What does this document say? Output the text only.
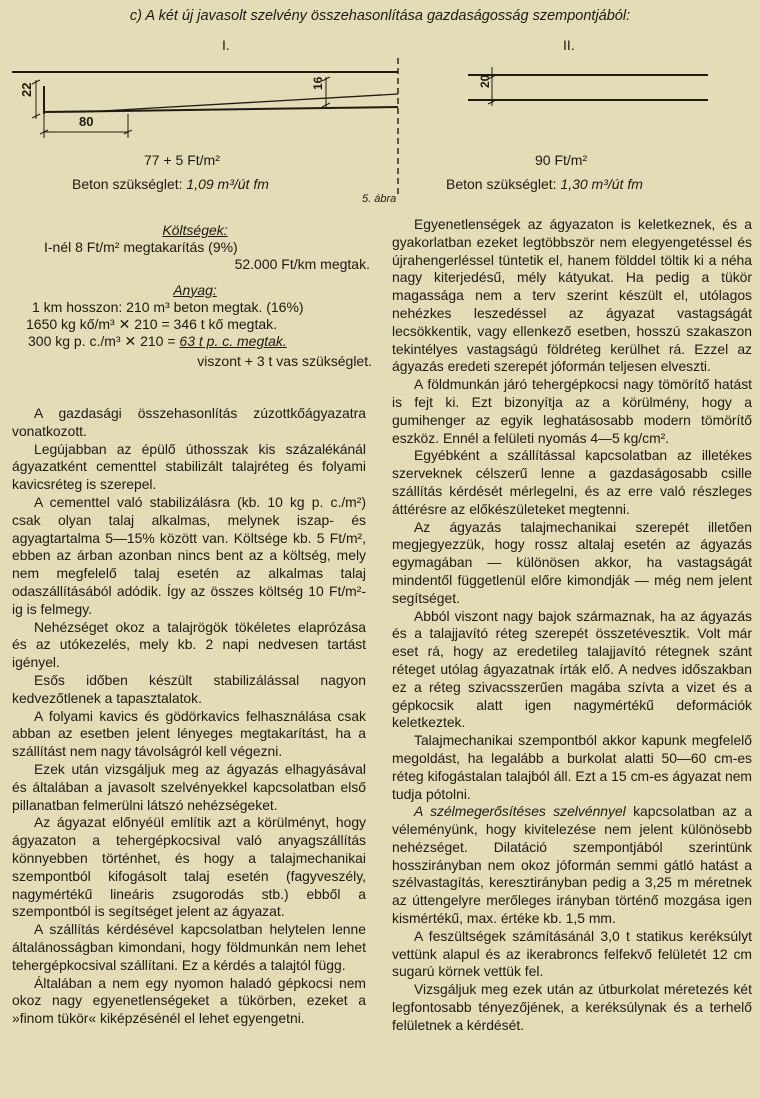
c) A két új javasolt szelvény összehasonlítása gazdaságosság szempontjából:
I.	II.
22	16
80
20
77 + 5 Ft/m²	90 Ft/m²
Beton szükséglet: 1,09 m³/út fm	Beton szükséglet: 1,30 m³/út fm
5. ábra
Költségek:
I-nél 8 Ft/m² megtakarítás (9%)
52.000 Ft/km megtak.
Anyag:
1 km hosszon: 210 m³ beton megtak. (16%)
1650 kg kő/m³ ✕ 210 = 346 t kő megtak.
300 kg p. c./m³ ✕ 210 = 63 t p. c. megtak.
viszont + 3 t vas szükséglet.

A gazdasági összehasonlítás zúzottkőágyazatra vonatkozott.

Legújabban az épülő úthosszak kis százalékánál ágyazatként cementtel stabilizált talajréteg és folyami kavicsréteg is szerepel.

A cementtel való stabilizálásra (kb. 10 kg p. c./m²) csak olyan talaj alkalmas, melynek iszap- és agyagtartalma 5—15% között van. Költsége kb. 5 Ft/m², ebben az árban azonban nincs bent az a költség, mely nem megfelelő talaj esetén az alkalmas talaj odaszállításából adódik. Így az összes költség 10 Ft/m²-ig is felmegy.

Nehézséget okoz a talajrögök tökéletes elaprózása és az utókezelés, mely kb. 2 napi nedvesen tartást igényel.

Esős időben készült stabilizálással nagyon kedvezőtlenek a tapasztalatok.

A folyami kavics és gödörkavics felhasználása csak abban az esetben jelent lényeges megtakarítást, ha a szállítást nem nagy távolságról kell végezni.

Ezek után vizsgáljuk meg az ágyazás elhagyásával és általában a javasolt szelvényekkel kapcsolatban első pillanatban felmerülni látszó nehézségeket.

Az ágyazat előnyéül említik azt a körülményt, hogy ágyazaton a tehergépkocsival való anyagszállítás könnyebben történhet, és hogy a talajmechanikai szempontból kifogásolt talaj esetén (fagyveszély, nagymértékű lineáris zsugorodás stb.) ebből a szempontból is segítséget jelent az ágyazat.

A szállítás kérdésével kapcsolatban helytelen lenne általánosságban kimondani, hogy földmunkán nem lehet tehergépkocsival szállítani. Ez a kérdés a talajtól függ.

Általában a nem egy nyomon haladó gépkocsi nem okoz nagy egyenetlenségeket a tükörben, ezeket a »finom tükör« kiképzésénél el lehet egyengetni.

Egyenetlenségek az ágyazaton is keletkeznek, és a gyakorlatban ezeket legtöbbször nem elegyengetéssel és újrahengerléssel tüntetik el, hanem földdel töltik ki a néha nagy kiterjedésű, mély kátyukat. Ha pedig a tükör magassága nem a terv szerint készült el, utólagos nehézkes leszedéssel az ágyazat vastagságát lecsökkentik, vagy ellenkező esetben, hosszú szakaszon tekintélyes vastagságú földréteg kerülhet rá. Ezzel az ágyazás eredeti szerepét jóformán teljesen elveszti.

A földmunkán járó tehergépkocsi nagy tömörítő hatást is fejt ki. Ezt bizonyítja az a körülmény, hogy a gumihenger az egyik leghatásosabb modern tömörítő eszköz. Ennél a felületi nyomás 4—5 kg/cm².

Egyébként a szállítással kapcsolatban az illetékes szerveknek célszerű lenne a gazdaságosabb csille szállítás kérdését mérlegelni, és az erre való részleges áttérésre az előkészületeket megtenni.

Az ágyazás talajmechanikai szerepét illetően megjegyezzük, hogy rossz altalaj esetén az ágyazás egymagában — különösen akkor, ha vastagságát mindentől függetlenül előre kimondják — még nem jelent segítséget.

Abból viszont nagy bajok származnak, ha az ágyazás és a talajjavító réteg szerepét összetévesztik. Volt már eset rá, hogy az eredetileg talajjavító rétegnek szánt réteget utólag ágyazatnak írták elő. A nedves időszakban ez a réteg szivacsszerűen magába szívta a vizet és a gépkocsik alatt igen nagymértékű deformációk keletkeztek.

Talajmechanikai szempontból akkor kapunk megfelelő megoldást, ha legalább a burkolat alatti 50—60 cm-es réteg kifogástalan talajból áll. Ezt a 15 cm-es ágyazat nem tudja pótolni.

A szélmegerősítéses szelvénnyel kapcsolatban az a véleményünk, hogy kivitelezése nem jelent különösebb nehézséget. Dilatáció szempontjából szerintünk hosszirányban nem okoz jóformán semmi gátló hatást a szélvastagítás, keresztirányban pedig a 3,25 m méretnek az úttengelyre merőleges irányban történő mozgása igen kismértékű, max. értéke kb. 1,5 mm.

A feszültségek számításánál 3,0 t statikus keréksúlyt vettünk alapul és az ikerabroncs felfekvő felületét 12 cm sugarú körnek vettük fel.

Vizsgáljuk meg ezek után az útburkolat méretezés két legfontosabb tényezőjének, a keréksúlynak és a terhelő felületnek a kérdését.
